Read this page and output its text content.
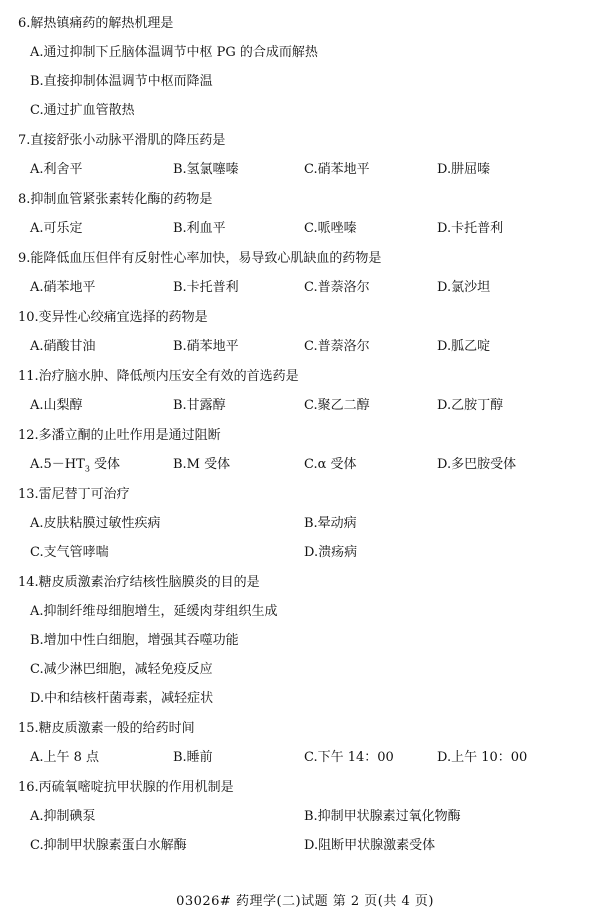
6.解热镇痛药的解热机理是
A.通过抑制下丘脑体温调节中枢 PG 的合成而解热
B.直接抑制体温调节中枢而降温
C.通过扩血管散热
7.直接舒张小动脉平滑肌的降压药是
A.利舍平	B.氢氯噻嗪	C.硝苯地平	D.肼屈嗪
8.抑制血管紧张素转化酶的药物是
A.可乐定	B.利血平	C.哌唑嗪	D.卡托普利
9.能降低血压但伴有反射性心率加快，易导致心肌缺血的药物是
A.硝苯地平	B.卡托普利	C.普萘洛尔	D.氯沙坦
10.变异性心绞痛宜选择的药物是
A.硝酸甘油	B.硝苯地平	C.普萘洛尔	D.胍乙啶
11.治疗脑水肿、降低颅内压安全有效的首选药是
A.山梨醇	B.甘露醇	C.聚乙二醇	D.乙胺丁醇
12.多潘立酮的止吐作用是通过阻断
$A.5-HT_3$ 受体	B.M 受体	C.α 受体	D.多巴胺受体
13.雷尼替丁可治疗
A.皮肤粘膜过敏性疾病	B.晕动病
C.支气管哮喘	D.溃疡病
14.糖皮质激素治疗结核性脑膜炎的目的是
A.抑制纤维母细胞增生，延缓肉芽组织生成
B.增加中性白细胞，增强其吞噬功能
C.减少淋巴细胞，减轻免疫反应
D.中和结核杆菌毒素，减轻症状
15.糖皮质激素一般的给药时间
A.上午 8 点	B.睡前	C.下午 14：00	D.上午 10：00
16.丙硫氧嘧啶抗甲状腺的作用机制是
A.抑制碘泵	B.抑制甲状腺素过氧化物酶
C.抑制甲状腺素蛋白水解酶	D.阻断甲状腺激素受体
03026# 药理学(二)试题 第 2 页(共 4 页)
